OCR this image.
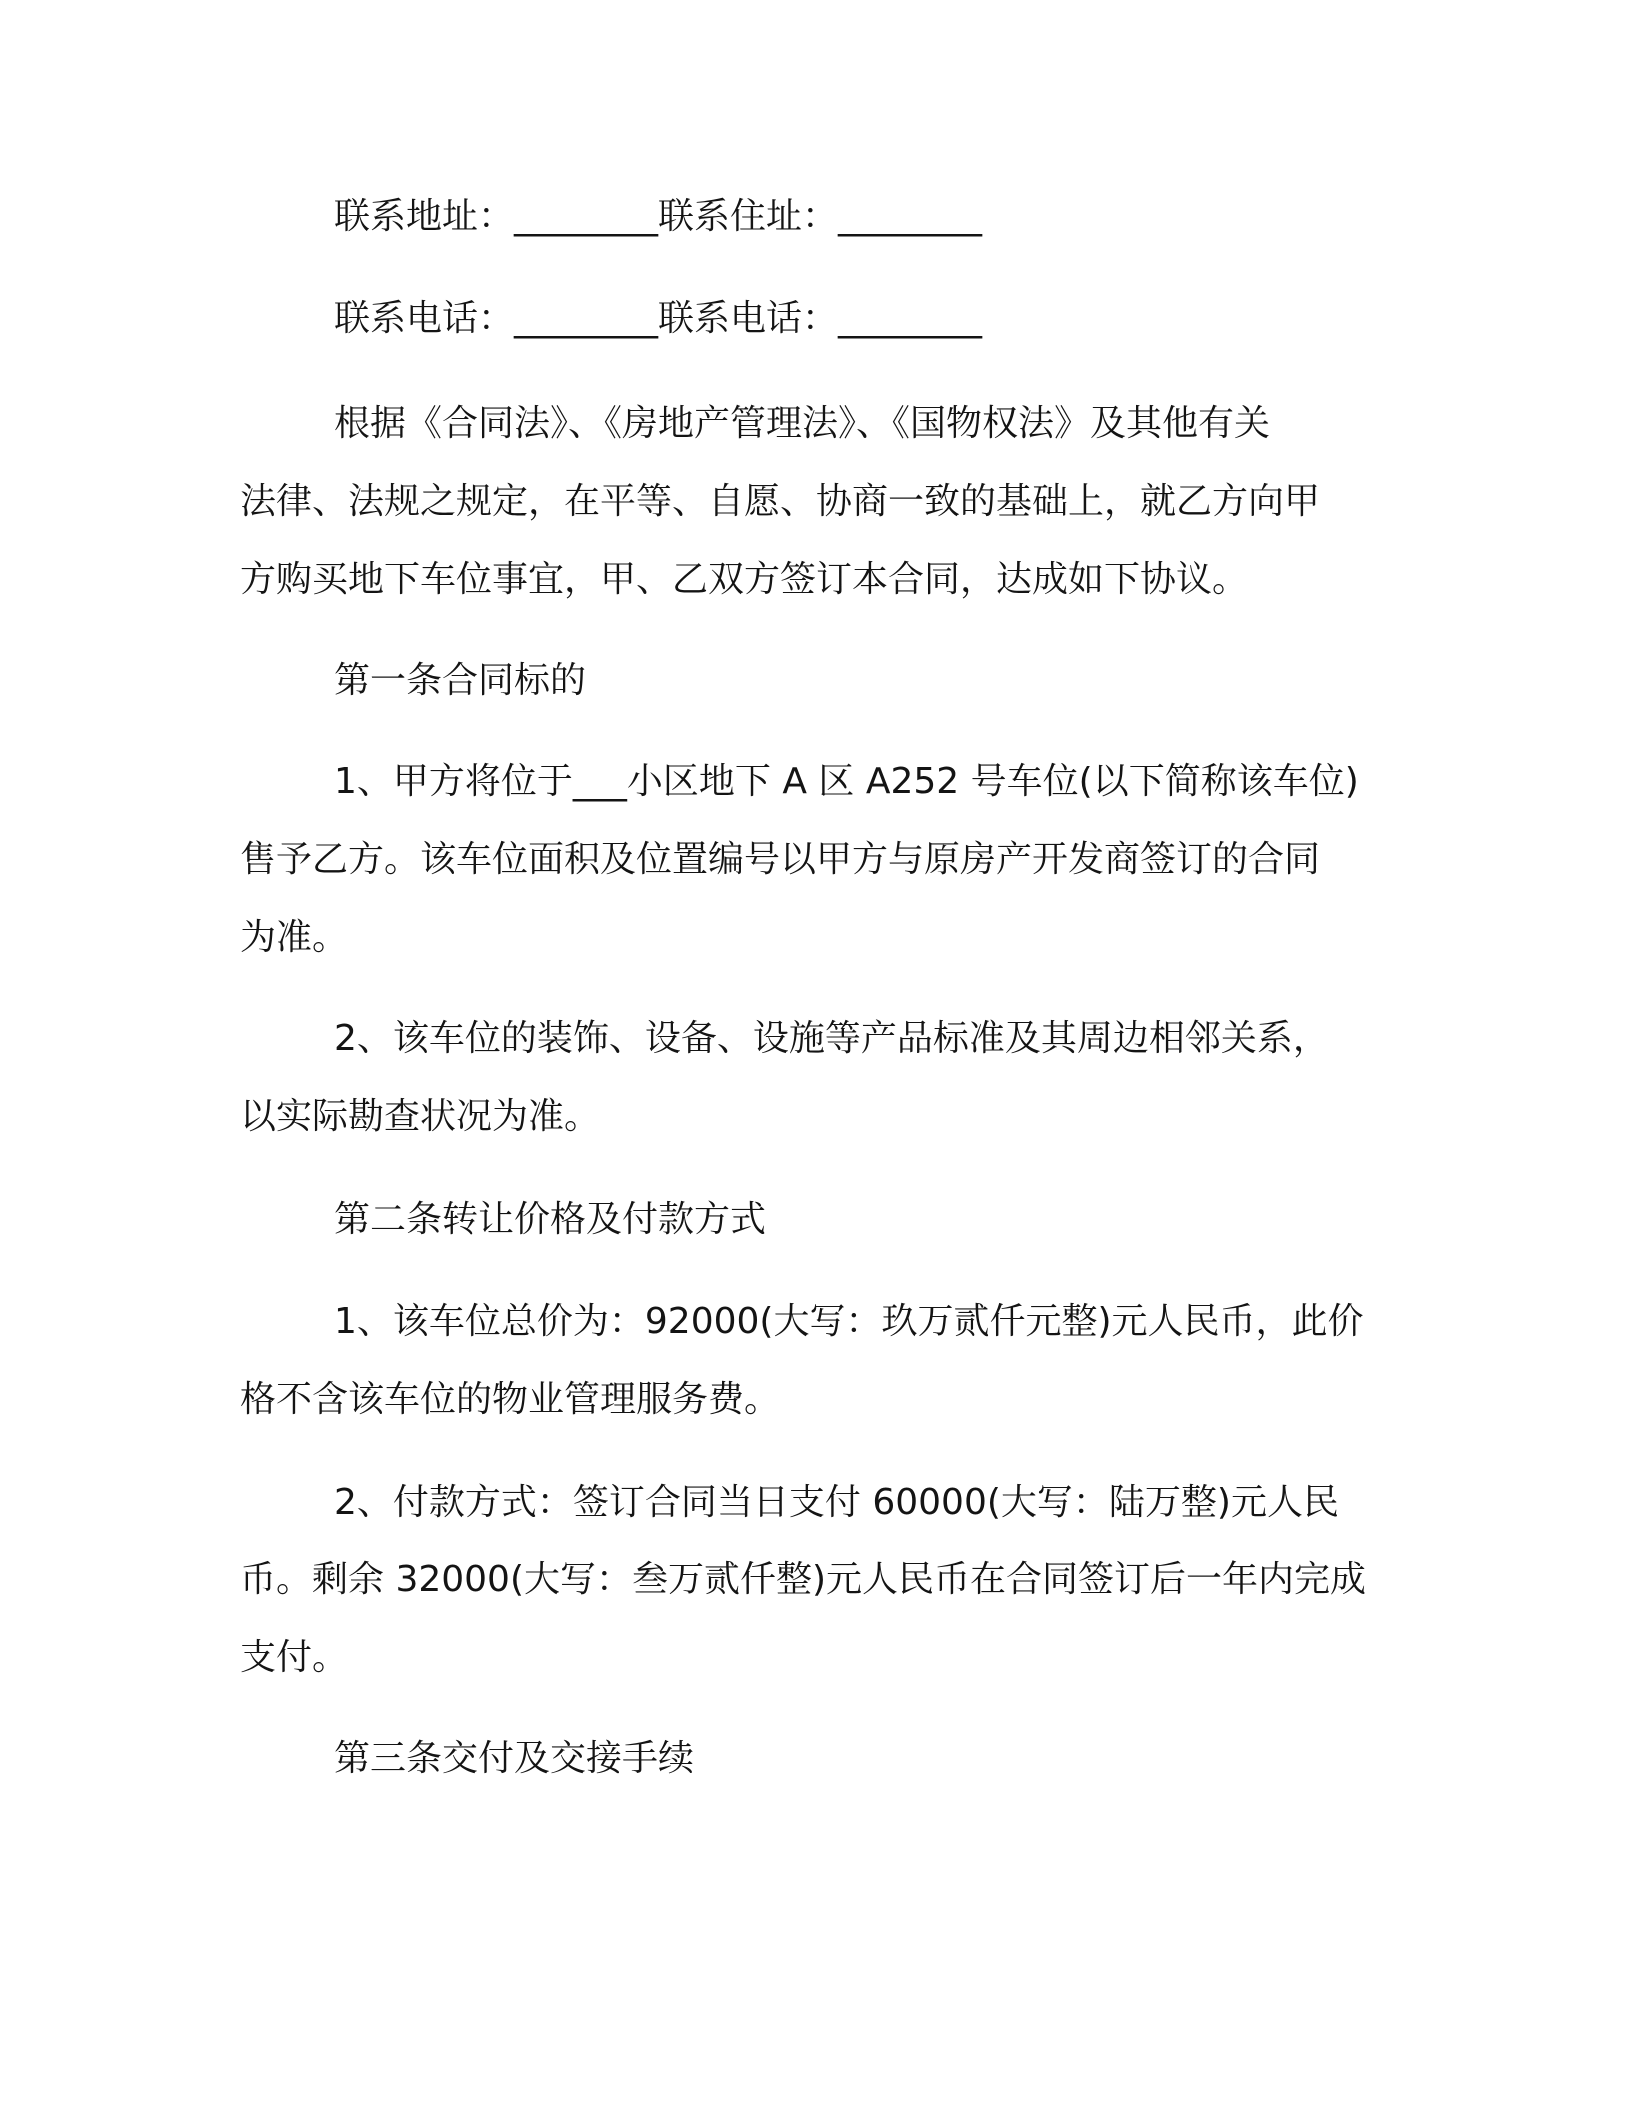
联系地址：________联系住址：________
联系电话：________联系电话：________
根据《合同法》、《房地产管理法》、《国物权法》及其他有关
法律、法规之规定，在平等、自愿、协商一致的基础上，就乙方向甲
方购买地下车位事宜，甲、乙双方签订本合同，达成如下协议。
第一条合同标的
1、甲方将位于___小区地下 A 区 A252 号车位(以下简称该车位)
售予乙方。该车位面积及位置编号以甲方与原房产开发商签订的合同
为准。
2、该车位的装饰、设备、设施等产品标准及其周边相邻关系，
以实际勘查状况为准。
第二条转让价格及付款方式
1、该车位总价为：92000(大写：玖万贰仟元整)元人民币，此价
格不含该车位的物业管理服务费。
2、付款方式：签订合同当日支付 60000(大写：陆万整)元人民
币。剩余 32000(大写：叁万贰仟整)元人民币在合同签订后一年内完成
支付。
第三条交付及交接手续
